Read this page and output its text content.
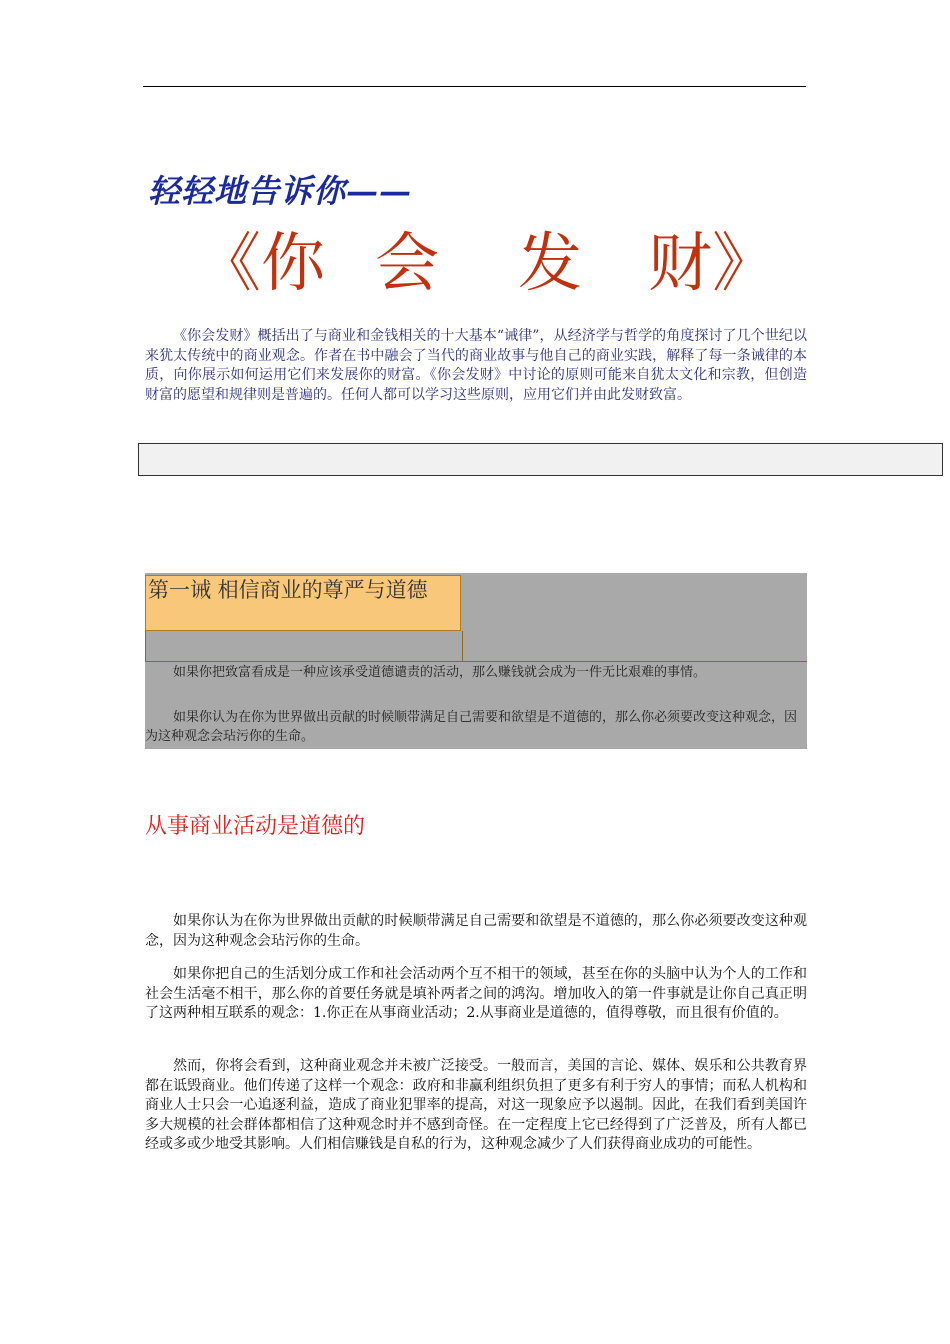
轻轻地告诉你——
《你 会 发 财》
《你会发财》概括出了与商业和金钱相关的十大基本“诫律”，从经济学与哲学的角度探讨了几个世纪以来犹太传统中的商业观念。作者在书中融会了当代的商业故事与他自己的商业实践，解释了每一条诫律的本质，向你展示如何运用它们来发展你的财富。《你会发财》中讨论的原则可能来自犹太文化和宗教，但创造财富的愿望和规律则是普遍的。任何人都可以学习这些原则，应用它们并由此发财致富。
第一诫 相信商业的尊严与道德
如果你把致富看成是一种应该承受道德谴责的活动，那么赚钱就会成为一件无比艰难的事情。
如果你认为在你为世界做出贡献的时候顺带满足自己需要和欲望是不道德的，那么你必须要改变这种观念，因为这种观念会玷污你的生命。
从事商业活动是道德的
如果你认为在你为世界做出贡献的时候顺带满足自己需要和欲望是不道德的，那么你必须要改变这种观念，因为这种观念会玷污你的生命。
如果你把自己的生活划分成工作和社会活动两个互不相干的领域，甚至在你的头脑中认为个人的工作和社会生活毫不相干，那么你的首要任务就是填补两者之间的鸿沟。增加收入的第一件事就是让你自己真正明了这两种相互联系的观念：1.你正在从事商业活动；2.从事商业是道德的，值得尊敬，而且很有价值的。
然而，你将会看到，这种商业观念并未被广泛接受。一般而言，美国的言论、媒体、娱乐和公共教育界都在诋毁商业。他们传递了这样一个观念：政府和非赢利组织负担了更多有利于穷人的事情；而私人机构和商业人士只会一心追逐利益，造成了商业犯罪率的提高，对这一现象应予以遏制。因此，在我们看到美国许多大规模的社会群体都相信了这种观念时并不感到奇怪。在一定程度上它已经得到了广泛普及，所有人都已经或多或少地受其影响。人们相信赚钱是自私的行为，这种观念减少了人们获得商业成功的可能性。
